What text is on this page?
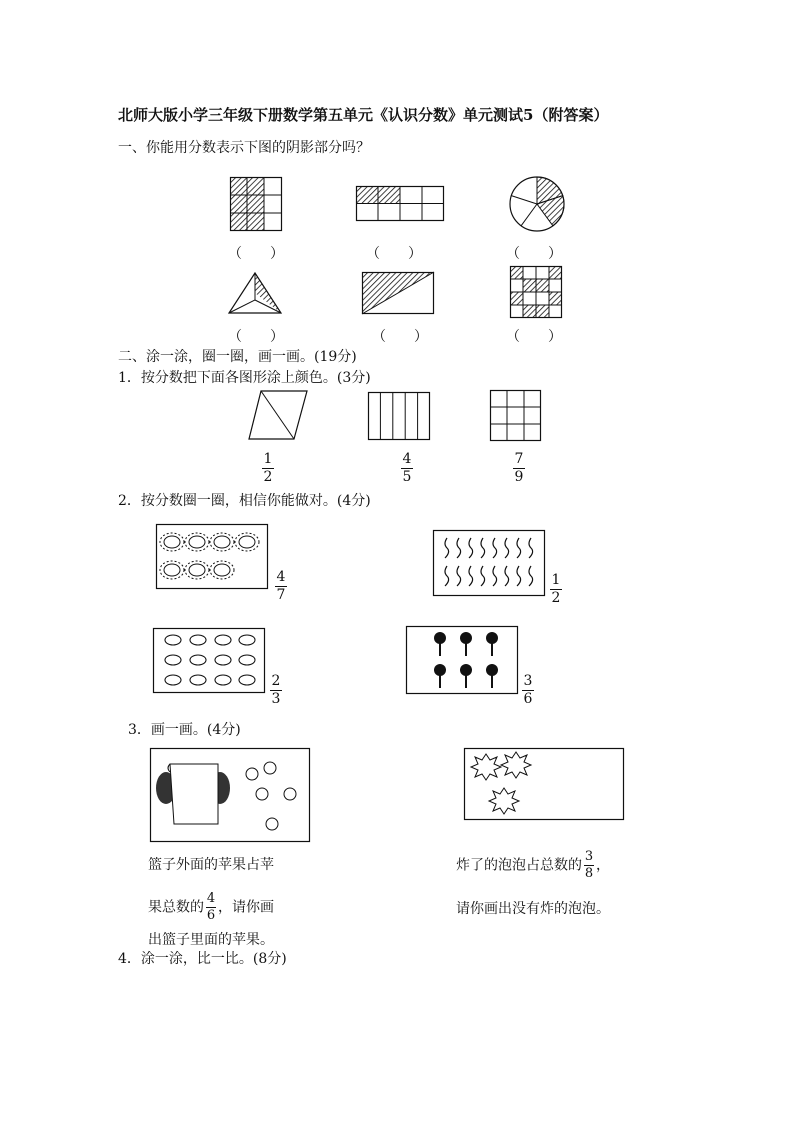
北师大版小学三年级下册数学第五单元《认识分数》单元测试5（附答案）
一、你能用分数表示下图的阴影部分吗？
（　　）	（　　）	（　　）
（　　）	（　　）	（　　）
二、涂一涂，圈一圈，画一画。(19分)
1．按分数把下面各图形涂上颜色。(3分)
1
2
4
5
7
9
2．按分数圈一圈，相信你能做对。(4分)
4
7
1
2
2
3
3
6
3．画一画。(4分)
篮子外面的苹果占苹
果总数的 $\frac{4}{6}$ ，请你画
出篮子里面的苹果。
炸了的泡泡占总数的 $\frac{3}{8}$ ，
请你画出没有炸的泡泡。
4．涂一涂，比一比。(8分)
